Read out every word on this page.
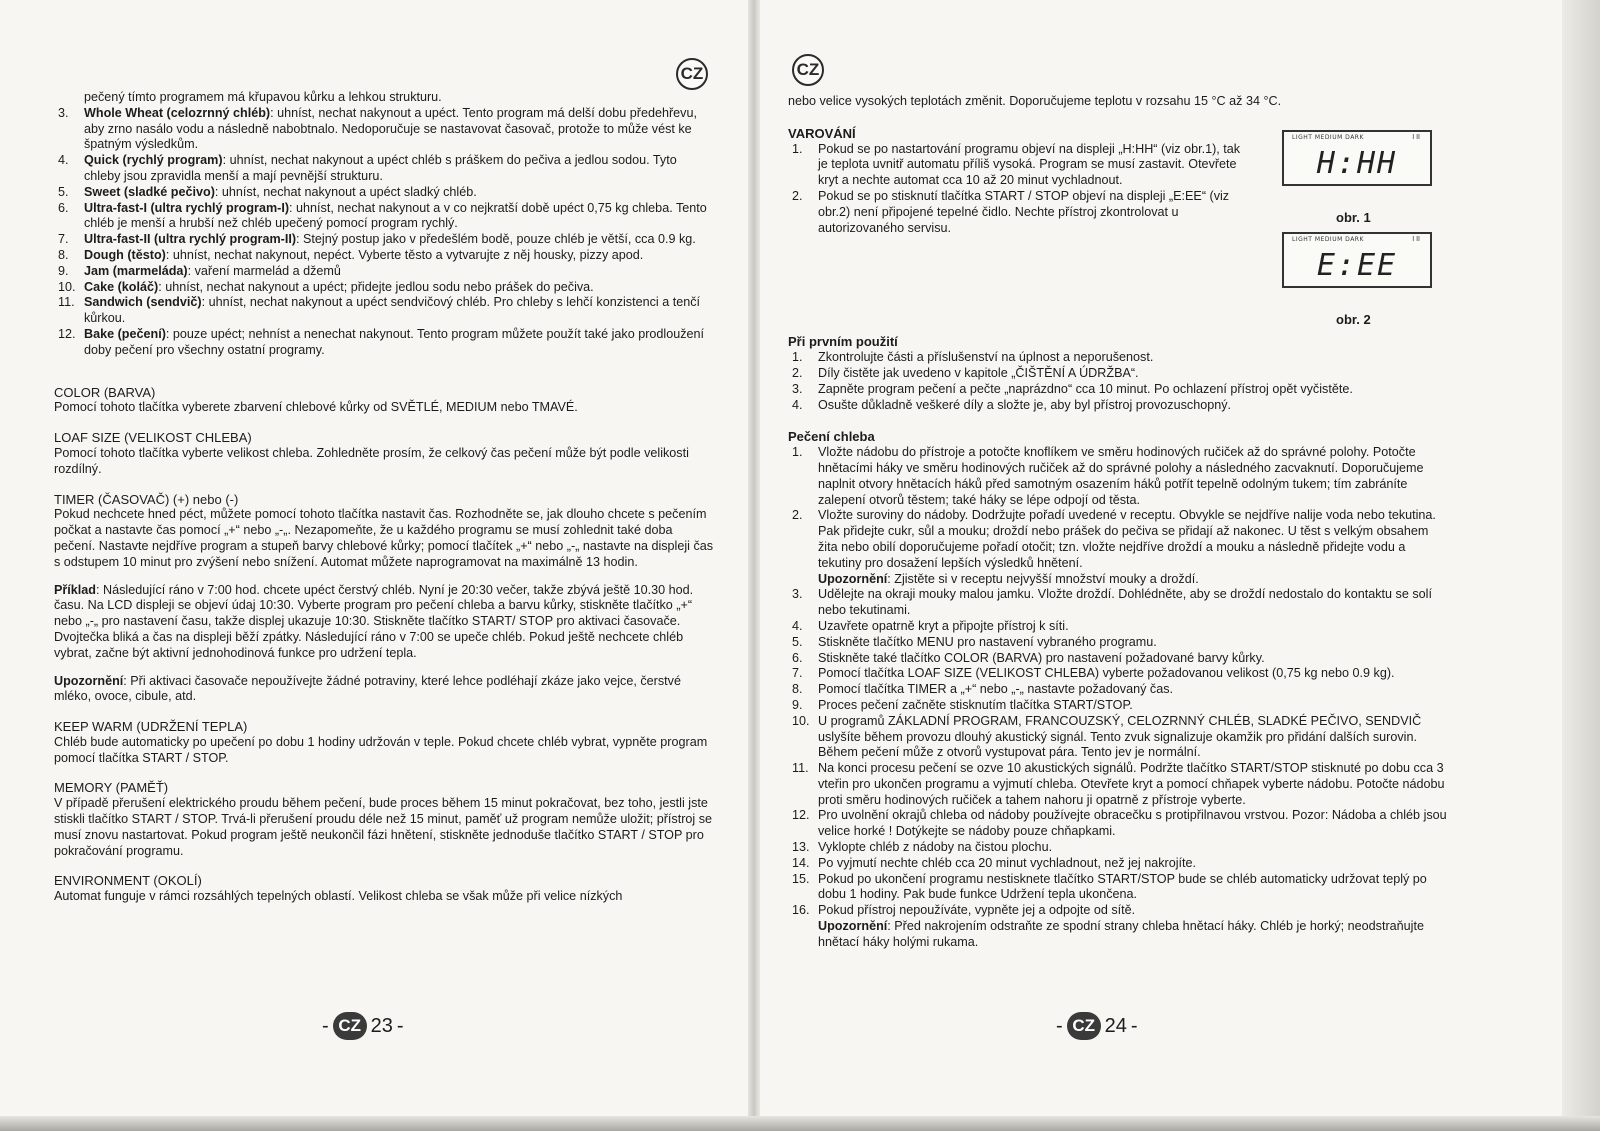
CZ
pečený tímto programem má křupavou kůrku a lehkou strukturu.
3.	Whole Wheat (celozrnný chléb): uhníst, nechat nakynout a upéct. Tento program má delší dobu předehřevu, aby zrno nasálo vodu a následně nabobtnalo. Nedoporučuje se nastavovat časovač, protože to může vést ke špatným výsledkům.
4.	Quick (rychlý program): uhníst, nechat nakynout a upéct chléb s práškem do pečiva a jedlou sodou. Tyto chleby jsou zpravidla menší a mají pevnější strukturu.
5.	Sweet (sladké pečivo): uhníst, nechat nakynout a upéct sladký chléb.
6.	Ultra-fast-I (ultra rychlý program-I): uhníst, nechat nakynout a v co nejkratší době upéct 0,75 kg chleba. Tento chléb je menší a hrubší než chléb upečený pomocí program rychlý.
7.	Ultra-fast-II (ultra rychlý program-II): Stejný postup jako v předešlém bodě, pouze chléb je větší, cca 0.9 kg.
8.	Dough (těsto): uhníst, nechat nakynout, nepéct. Vyberte těsto a vytvarujte z něj housky, pizzy apod.
9.	Jam (marmeláda): vaření marmelád a džemů
10. Cake (koláč): uhníst, nechat nakynout a upéct; přidejte jedlou sodu nebo prášek do pečiva.
11. Sandwich (sendvič): uhníst, nechat nakynout a upéct sendvičový chléb. Pro chleby s lehčí konzistenci a tenčí kůrkou.
12. Bake (pečení): pouze upéct; nehníst a nenechat nakynout. Tento program můžete použít také jako prodloužení doby pečení pro všechny ostatní programy.
COLOR (BARVA)
Pomocí tohoto tlačítka vyberete zbarvení chlebové kůrky od SVĚTLÉ, MEDIUM nebo TMAVÉ.
LOAF SIZE (VELIKOST CHLEBA)
Pomocí tohoto tlačítka vyberte velikost chleba. Zohledněte prosím, že celkový čas pečení může být podle velikosti rozdílný.
TIMER (ČASOVAČ) (+) nebo (-)
Pokud nechcete hned péct, můžete pomocí tohoto tlačítka nastavit čas. Rozhodněte se, jak dlouho chcete s pečením počkat a nastavte čas pomocí „+“ nebo „-„. Nezapomeňte, že u každého programu se musí zohlednit také doba pečení. Nastavte nejdříve program a stupeň barvy chlebové kůrky; pomocí tlačítek „+“ nebo „-„ nastavte na displeji čas s odstupem 10 minut pro zvýšení nebo snížení. Automat můžete naprogramovat na maximálně 13 hodin.
Příklad: Následující ráno v 7:00 hod. chcete upéct čerstvý chléb. Nyní je 20:30 večer, takže zbývá ještě 10.30 hod. času. Na LCD displeji se objeví údaj 10:30. Vyberte program pro pečení chleba a barvu kůrky, stiskněte tlačítko „+“ nebo „-„ pro nastavení času, takže displej ukazuje 10:30. Stiskněte tlačítko START/ STOP pro aktivaci časovače. Dvojtečka bliká a čas na displeji běží zpátky. Následující ráno v 7:00 se upeče chléb. Pokud ještě nechcete chléb vybrat, začne být aktivní jednohodinová funkce pro udržení tepla.
Upozornění: Při aktivaci časovače nepoužívejte žádné potraviny, které lehce podléhají zkáze jako vejce, čerstvé mléko, ovoce, cibule, atd.
KEEP WARM (UDRŽENÍ TEPLA)
Chléb bude automaticky po upečení po dobu 1 hodiny udržován v teple. Pokud chcete chléb vybrat, vypněte program pomocí tlačítka START / STOP.
MEMORY (PAMĚŤ)
V případě přerušení elektrického proudu během pečení, bude proces během 15 minut pokračovat, bez toho, jestli jste stiskli tlačítko START / STOP. Trvá-li přerušení proudu déle než 15 minut, paměť už program nemůže uložit; přístroj se musí znovu nastartovat. Pokud program ještě neukončil fázi hnětení, stiskněte jednoduše tlačítko START / STOP pro pokračování programu.
ENVIRONMENT (OKOLÍ)
Automat funguje v rámci rozsáhlých tepelných oblastí. Velikost chleba se však může při velice nízkých
- CZ 23 -
CZ
nebo velice vysokých teplotách změnit. Doporučujeme teplotu v rozsahu 15 °C až 34 °C.
VAROVÁNÍ
1.	Pokud se po nastartování programu objeví na displeji „H:HH“ (viz obr.1), tak je teplota uvnitř automatu příliš vysoká. Program se musí zastavit. Otevřete kryt a nechte automat cca 10 až 20 minut vychladnout.
2.	Pokud se po stisknutí tlačítka START / STOP objeví na displeji „E:EE“ (viz obr.2) není připojené tepelné čidlo. Nechte přístroj zkontrolovat u autorizovaného servisu.
Při prvním použití
1.	Zkontrolujte části a příslušenství na úplnost a neporušenost.
2.	Díly čistěte jak uvedeno v kapitole „ČIŠTĚNÍ A ÚDRŽBA“.
3.	Zapněte program pečení a pečte „naprázdno“ cca 10 minut. Po ochlazení přístroj opět vyčistěte.
4.	Osušte důkladně veškeré díly a složte je, aby byl přístroj provozuschopný.
Pečení chleba
1.	Vložte nádobu do přístroje a potočte knoflíkem ve směru hodinových ručiček až do správné polohy. Potočte hnětacími háky ve směru hodinových ručiček až do správné polohy a následného zacvaknutí. Doporučujeme naplnit otvory hnětacích háků před samotným osazením háků potřít tepelně odolným tukem; tím zabráníte zalepení otvorů těstem; také háky se lépe odpojí od těsta.
2.	Vložte suroviny do nádoby. Dodržujte pořadí uvedené v receptu. Obvykle se nejdříve nalije voda nebo tekutina. Pak přidejte cukr, sůl a mouku; droždí nebo prášek do pečiva se přidají až nakonec. U těst s velkým obsahem žita nebo obilí doporučujeme pořadí otočit; tzn. vložte nejdříve droždí a mouku a následně přidejte vodu a tekutiny pro dosažení lepších výsledků hnětení.
Upozornění: Zjistěte si v receptu nejvyšší množství mouky a droždí.
3.	Udělejte na okraji mouky malou jamku. Vložte droždí. Dohlédněte, aby se droždí nedostalo do kontaktu se solí nebo tekutinami.
4.	Uzavřete opatrně kryt a připojte přístroj k síti.
5.	Stiskněte tlačítko MENU pro nastavení vybraného programu.
6.	Stiskněte také tlačítko COLOR (BARVA) pro nastavení požadované barvy kůrky.
7.	Pomocí tlačítka LOAF SIZE (VELIKOST CHLEBA) vyberte požadovanou velikost (0,75 kg nebo 0.9 kg).
8.	Pomocí tlačítka TIMER a „+“ nebo „-„ nastavte požadovaný čas.
9.	Proces pečení začněte stisknutím tlačítka START/STOP.
10. U programů ZÁKLADNÍ PROGRAM, FRANCOUZSKÝ, CELOZRNNÝ CHLÉB, SLADKÉ PEČIVO, SENDVIČ uslyšíte během provozu dlouhý akustický signál. Tento zvuk signalizuje okamžik pro přidání dalších surovin. Během pečení může z otvorů vystupovat pára. Tento jev je normální.
11. Na konci procesu pečení se ozve 10 akustických signálů. Podržte tlačítko START/STOP stisknuté po dobu cca 3 vteřin pro ukončen programu a vyjmutí chleba. Otevřete kryt a pomocí chňapek vyberte nádobu. Potočte nádobu proti směru hodinových ručiček a tahem nahoru ji opatrně z přístroje vyberte.
12. Pro uvolnění okrajů chleba od nádoby používejte obracečku s protipřilnavou vrstvou. Pozor: Nádoba a chléb jsou velice horké ! Dotýkejte se nádoby pouze chňapkami.
13. Vyklopte chléb z nádoby na čistou plochu.
14. Po vyjmutí nechte chléb cca 20 minut vychladnout, než jej nakrojíte.
15. Pokud po ukončení programu nestisknete tlačítko START/STOP bude se chléb automaticky udržovat teplý po dobu 1 hodiny. Pak bude funkce Udržení tepla ukončena.
16. Pokud přístroj nepoužíváte, vypněte jej a odpojte od sítě.
Upozornění: Před nakrojením odstraňte ze spodní strany chleba hnětací háky. Chléb je horký; neodstraňujte hnětací háky holými rukama.
LIGHT MEDIUM DARK	I II
H:HH
obr. 1
LIGHT MEDIUM DARK	I II
E:EE
obr. 2
- CZ 24 -
